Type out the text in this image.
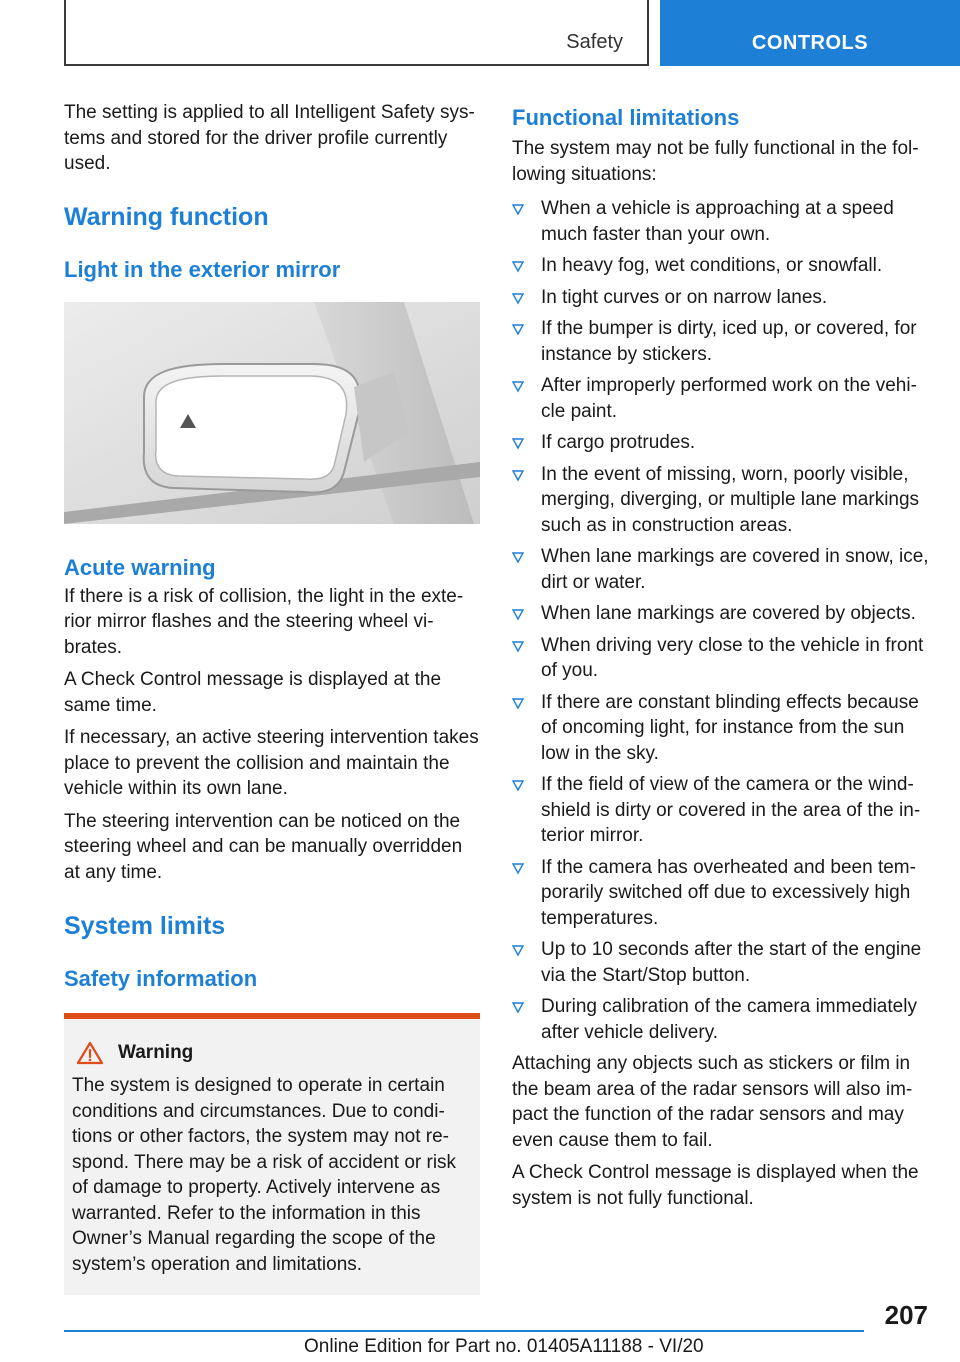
Safety	CONTROLS

The setting is applied to all Intelligent Safety systems and stored for the driver profile currently used.

Warning function
Light in the exterior mirror
Acute warning

If there is a risk of collision, the light in the exterior mirror flashes and the steering wheel vibrates.

A Check Control message is displayed at the same time.

If necessary, an active steering intervention takes place to prevent the collision and maintain the vehicle within its own lane.

The steering intervention can be noticed on the steering wheel and can be manually overridden at any time.

System limits
Safety information
Warning

The system is designed to operate in certain conditions and circumstances. Due to conditions or other factors, the system may not respond. There may be a risk of accident or risk of damage to property. Actively intervene as warranted. Refer to the information in this Owner’s Manual regarding the scope of the system’s operation and limitations.

Functional limitations

The system may not be fully functional in the following situations:

When a vehicle is approaching at a speed much faster than your own.
In heavy fog, wet conditions, or snowfall.
In tight curves or on narrow lanes.
If the bumper is dirty, iced up, or covered, for instance by stickers.
After improperly performed work on the vehicle paint.
If cargo protrudes.
In the event of missing, worn, poorly visible, merging, diverging, or multiple lane markings such as in construction areas.
When lane markings are covered in snow, ice, dirt or water.
When lane markings are covered by objects.
When driving very close to the vehicle in front of you.
If there are constant blinding effects because of oncoming light, for instance from the sun low in the sky.
If the field of view of the camera or the windshield is dirty or covered in the area of the interior mirror.
If the camera has overheated and been temporarily switched off due to excessively high temperatures.
Up to 10 seconds after the start of the engine via the Start/Stop button.
During calibration of the camera immediately after vehicle delivery.

Attaching any objects such as stickers or film in the beam area of the radar sensors will also impact the function of the radar sensors and may even cause them to fail.

A Check Control message is displayed when the system is not fully functional.

207
Online Edition for Part no. 01405A11188 - VI/20
